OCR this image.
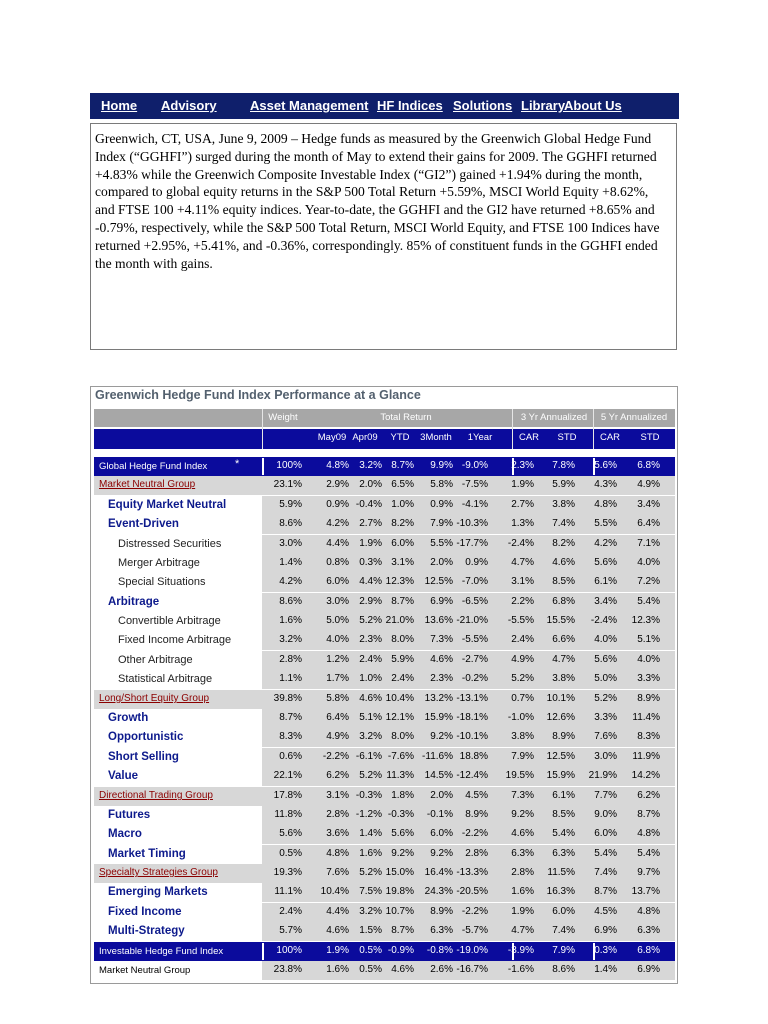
Home Advisory	Asset Management HF Indices Solutions Library
About Us
Greenwich, CT, USA, June 9, 2009 – Hedge funds as measured by the Greenwich Global Hedge Fund Index (“GGHFI”) surged during the month of May to extend their gains for 2009. The GGHFI returned +4.83% while the Greenwich Composite Investable Index (“GI2”) gained +1.94% during the month, compared to global equity returns in the S&P 500 Total Return +5.59%, MSCI World Equity +8.62%, and FTSE 100 +4.11% equity indices. Year-to-date, the GGHFI and the GI2 have returned +8.65% and -0.79%, respectively, while the S&P 500 Total Return, MSCI World Equity, and FTSE 100 Indices have returned +2.95%, +5.41%, and -0.36%, correspondingly. 85% of constituent funds in the GGHFI ended the month with gains.
Greenwich Hedge Fund Index Performance at a Glance
Weight	Total Return	3 Yr Annualized 5 Yr Annualized
May09 Apr09 YTD 3Month 1Year	CAR STD CAR STD
Global Hedge Fund Index	*	100% 4.8% 3.2% 8.7% 9.9% -9.0% 2.3% 7.8% 5.6% 6.8%
Market Neutral Group	23.1% 2.9% 2.0% 6.5% 5.8% -7.5% 1.9% 5.9% 4.3% 4.9%
Equity Market Neutral	5.9% 0.9% -0.4% 1.0% 0.9% -4.1% 2.7% 3.8% 4.8% 3.4%
Event-Driven	8.6% 4.2% 2.7% 8.2% 7.9% -10.3% 1.3% 7.4% 5.5% 6.4%
Distressed Securities	3.0% 4.4% 1.9% 6.0% 5.5% -17.7% -2.4% 8.2% 4.2% 7.1%
Merger Arbitrage	1.4% 0.8% 0.3% 3.1% 2.0% 0.9% 4.7% 4.6% 5.6% 4.0%
Special Situations	4.2% 6.0% 4.4% 12.3% 12.5% -7.0% 3.1% 8.5% 6.1% 7.2%
Arbitrage	8.6% 3.0% 2.9% 8.7% 6.9% -6.5% 2.2% 6.8% 3.4% 5.4%
Convertible Arbitrage	1.6% 5.0% 5.2% 21.0% 13.6% -21.0% -5.5% 15.5% -2.4% 12.3%
Fixed Income Arbitrage	3.2% 4.0% 2.3% 8.0% 7.3% -5.5% 2.4% 6.6% 4.0% 5.1%
Other Arbitrage	2.8% 1.2% 2.4% 5.9% 4.6% -2.7% 4.9% 4.7% 5.6% 4.0%
Statistical Arbitrage	1.1% 1.7% 1.0% 2.4% 2.3% -0.2% 5.2% 3.8% 5.0% 3.3%
Long/Short Equity Group	39.8% 5.8% 4.6% 10.4% 13.2% -13.1% 0.7% 10.1% 5.2% 8.9%
Growth	8.7% 6.4% 5.1% 12.1% 15.9% -18.1% -1.0% 12.6% 3.3% 11.4%
Opportunistic	8.3% 4.9% 3.2% 8.0% 9.2% -10.1% 3.8% 8.9% 7.6% 8.3%
Short Selling	0.6% -2.2% -6.1% -7.6% -11.6% 18.8% 7.9% 12.5% 3.0% 11.9%
Value	22.1% 6.2% 5.2% 11.3% 14.5% -12.4% 19.5% 15.9% 21.9% 14.2%
Directional Trading Group	17.8% 3.1% -0.3% 1.8% 2.0% 4.5% 7.3% 6.1% 7.7% 6.2%
Futures	11.8% 2.8% -1.2% -0.3% -0.1% 8.9% 9.2% 8.5% 9.0% 8.7%
Macro	5.6% 3.6% 1.4% 5.6% 6.0% -2.2% 4.6% 5.4% 6.0% 4.8%
Market Timing	0.5% 4.8% 1.6% 9.2% 9.2% 2.8% 6.3% 6.3% 5.4% 5.4%
Specialty Strategies Group	19.3% 7.6% 5.2% 15.0% 16.4% -13.3% 2.8% 11.5% 7.4% 9.7%
Emerging Markets	11.1% 10.4% 7.5% 19.8% 24.3% -20.5% 1.6% 16.3% 8.7% 13.7%
Fixed Income	2.4% 4.4% 3.2% 10.7% 8.9% -2.2% 1.9% 6.0% 4.5% 4.8%
Multi-Strategy	5.7% 4.6% 1.5% 8.7% 6.3% -5.7% 4.7% 7.4% 6.9% 6.3%
Investable Hedge Fund Index	100% 1.9% 0.5% -0.9% -0.8% -19.0% -3.9% 7.9% 0.3% 6.8%
Market Neutral Group	23.8% 1.6% 0.5% 4.6% 2.6% -16.7% -1.6% 8.6% 1.4% 6.9%
